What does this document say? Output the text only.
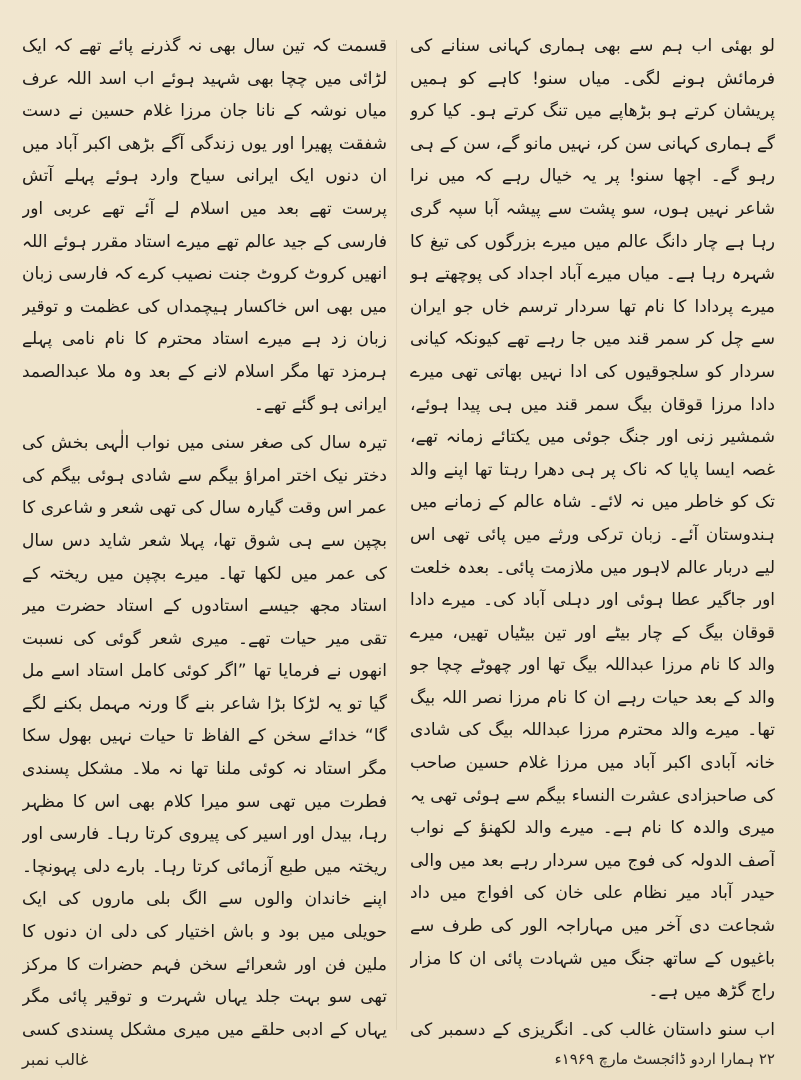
لو بھئی اب ہم سے بھی ہماری کہانی سنانے کی فرمائش ہونے لگی۔ میاں سنو! کاہے کو ہمیں پریشان کرتے ہو بڑھاپے میں تنگ کرتے ہو۔ کیا کرو گے ہماری کہانی سن کر، نہیں مانو گے، سن کے ہی رہو گے۔ اچھا سنو! پر یہ خیال رہے کہ میں نرا شاعر نہیں ہوں، سو پشت سے پیشہ آبا سپہ گری رہا ہے چار دانگ عالم میں میرے بزرگوں کی تیغ کا شہرہ رہا ہے۔ میاں میرے آباد اجداد کی پوچھتے ہو میرے پردادا کا نام تھا سردار ترسم خاں جو ایران سے چل کر سمر قند میں جا رہے تھے کیونکہ کیانی سردار کو سلجوقیوں کی ادا نہیں بھاتی تھی میرے دادا مرزا قوقان بیگ سمر قند میں ہی پیدا ہوئے، شمشیر زنی اور جنگ جوئی میں یکتائے زمانہ تھے، غصہ ایسا پایا کہ ناک پر ہی دھرا رہتا تھا اپنے والد تک کو خاطر میں نہ لائے۔ شاہ عالم کے زمانے میں ہندوستان آئے۔ زبان ترکی ورثے میں پائی تھی اس لیے دربار عالم لاہور میں ملازمت پائی۔ بعدہ خلعت اور جاگیر عطا ہوئی اور دہلی آباد کی۔ میرے دادا قوقان بیگ کے چار بیٹے اور تین بیٹیاں تھیں، میرے والد کا نام مرزا عبداللہ بیگ تھا اور چھوٹے چچا جو والد کے بعد حیات رہے ان کا نام مرزا نصر اللہ بیگ تھا۔ میرے والد محترم مرزا عبداللہ بیگ کی شادی خانہ آبادی اکبر آباد میں مرزا غلام حسین صاحب کی صاحبزادی عشرت النساء بیگم سے ہوئی تھی یہ میری والدہ کا نام ہے۔ میرے والد لکھنؤ کے نواب آصف الدولہ کی فوج میں سردار رہے بعد میں والی حیدر آباد میر نظام علی خان کی افواج میں داد شجاعت دی آخر میں مہاراجہ الور کی طرف سے باغیوں کے ساتھ جنگ میں شہادت پائی ان کا مزار راج گڑھ میں ہے۔

اب سنو داستان غالب کی۔ انگریزی کے دسمبر کی

قسمت کہ تین سال بھی نہ گذرنے پائے تھے کہ ایک لڑائی میں چچا بھی شہید ہوئے اب اسد اللہ عرف میاں نوشہ کے نانا جان مرزا غلام حسین نے دست شفقت پھیرا اور یوں زندگی آگے بڑھی اکبر آباد میں ان دنوں ایک ایرانی سیاح وارد ہوئے پہلے آتش پرست تھے بعد میں اسلام لے آئے تھے عربی اور فارسی کے جید عالم تھے میرے استاد مقرر ہوئے اللہ انھیں کروٹ کروٹ جنت نصیب کرے کہ فارسی زبان میں بھی اس خاکسار ہیچمداں کی عظمت و توقیر زبان زد ہے میرے استاد محترم کا نام نامی پہلے ہرمزد تھا مگر اسلام لانے کے بعد وہ ملا عبدالصمد ایرانی ہو گئے تھے۔

تیرہ سال کی صغر سنی میں نواب الٰہی بخش کی دختر نیک اختر امراؤ بیگم سے شادی ہوئی بیگم کی عمر اس وقت گیارہ سال کی تھی شعر و شاعری کا بچپن سے ہی شوق تھا، پہلا شعر شاید دس سال کی عمر میں لکھا تھا۔ میرے بچپن میں ریختہ کے استاد مجھ جیسے استادوں کے استاد حضرت میر تقی میر حیات تھے۔ میری شعر گوئی کی نسبت انھوں نے فرمایا تھا ”اگر کوئی کامل استاد اسے مل گیا تو یہ لڑکا بڑا شاعر بنے گا ورنہ مہمل بکنے لگے گا“ خدائے سخن کے الفاظ تا حیات نہیں بھول سکا مگر استاد نہ کوئی ملنا تھا نہ ملا۔ مشکل پسندی فطرت میں تھی سو میرا کلام بھی اس کا مظہر رہا، بیدل اور اسیر کی پیروی کرتا رہا۔ فارسی اور ریختہ میں طبع آزمائی کرتا رہا۔ بارے دلی پہونچا۔ اپنے خاندان والوں سے الگ بلی ماروں کی ایک حویلی میں بود و باش اختیار کی دلی ان دنوں کا ملین فن اور شعرائے سخن فہم حضرات کا مرکز تھی سو بہت جلد یہاں شہرت و توقیر پائی مگر یہاں کے ادبی حلقے میں میری مشکل پسندی کسی

غالب نمبر	۲۲ ہمارا اردو ڈائجسٹ مارچ ۱۹۶۹ء
